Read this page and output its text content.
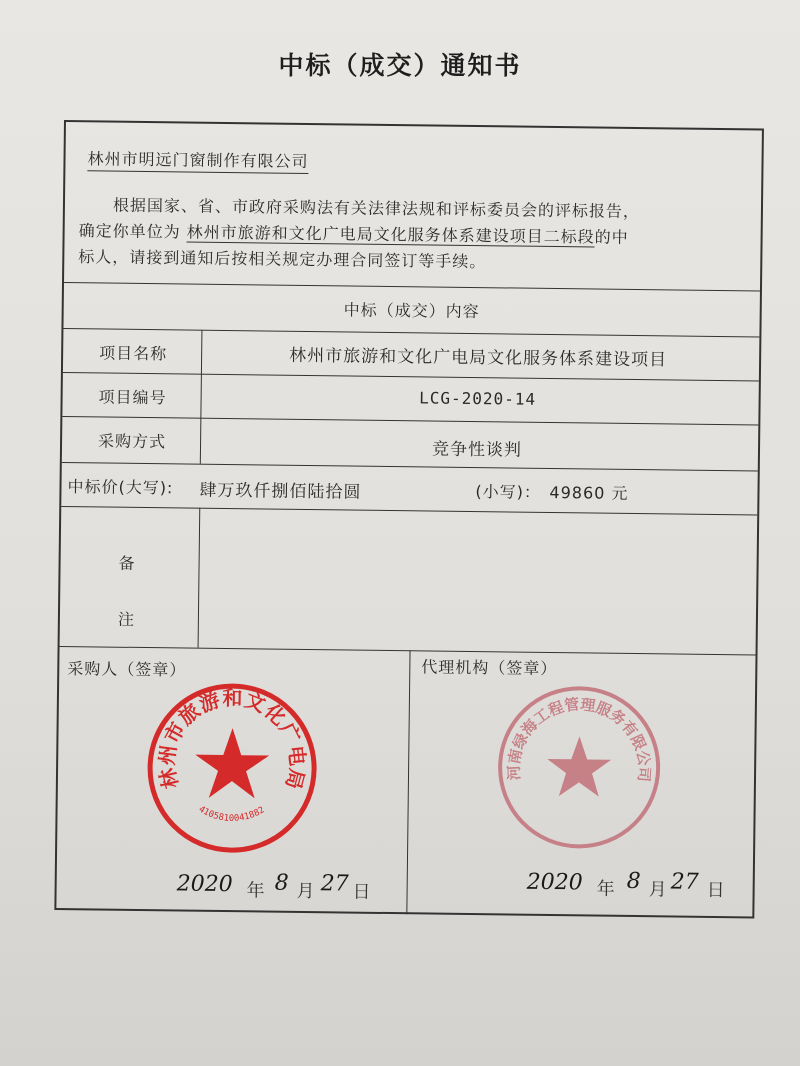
中标（成交）通知书
林州市明远门窗制作有限公司
根据国家、省、市政府采购法有关法律法规和评标委员会的评标报告，
确定你单位为 林州市旅游和文化广电局文化服务体系建设项目二标段的中
标人，请接到通知后按相关规定办理合同签订等手续。
中标（成交）内容
项目名称	林州市旅游和文化广电局文化服务体系建设项目
项目编号	LCG-2020-14
采购方式	竞争性谈判
中标价(大写): 肆万玖仟捌佰陆拾圆	(小写)： 49860 元
备
注
采购人（签章）	代理机构（签章）
林州市旅游和文化广电局
4105810041882
河南绿海工程管理服务有限公司
2020 年 8 月 27 日	2020 年 8 月 27 日
